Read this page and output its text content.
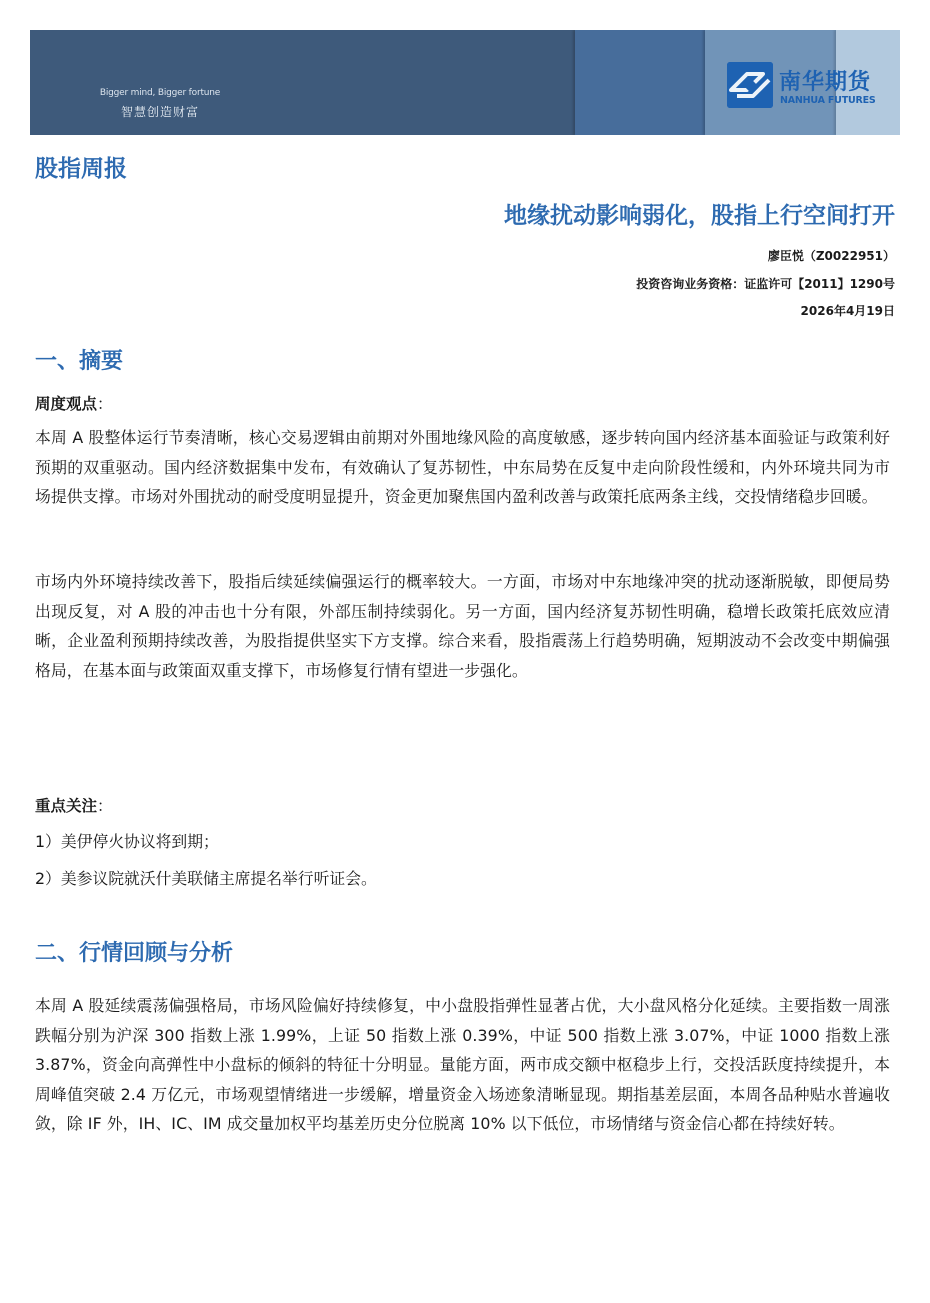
Bigger mind, Bigger fortune
智慧创造财富
南华期货
NANHUA FUTURES
股指周报
地缘扰动影响弱化，股指上行空间打开
廖臣悦（Z0022951）
投资咨询业务资格：证监许可【2011】1290号
2026年4月19日
一、摘要
周度观点：
本周 A 股整体运行节奏清晰，核心交易逻辑由前期对外围地缘风险的高度敏感，逐步转向国内经济基本面验证与政策利好预期的双重驱动。国内经济数据集中发布，有效确认了复苏韧性，中东局势在反复中走向阶段性缓和，内外环境共同为市场提供支撑。市场对外围扰动的耐受度明显提升，资金更加聚焦国内盈利改善与政策托底两条主线，交投情绪稳步回暖。
市场内外环境持续改善下，股指后续延续偏强运行的概率较大。一方面，市场对中东地缘冲突的扰动逐渐脱敏，即便局势出现反复，对 A 股的冲击也十分有限，外部压制持续弱化。另一方面，国内经济复苏韧性明确，稳增长政策托底效应清晰，企业盈利预期持续改善，为股指提供坚实下方支撑。综合来看，股指震荡上行趋势明确，短期波动不会改变中期偏强格局，在基本面与政策面双重支撑下，市场修复行情有望进一步强化。
重点关注：
1）美伊停火协议将到期；
2）美参议院就沃什美联储主席提名举行听证会。
二、行情回顾与分析
本周 A 股延续震荡偏强格局，市场风险偏好持续修复，中小盘股指弹性显著占优，大小盘风格分化延续。主要指数一周涨跌幅分别为沪深 300 指数上涨 1.99%，上证 50 指数上涨 0.39%，中证 500 指数上涨 3.07%，中证 1000 指数上涨 3.87%，资金向高弹性中小盘标的倾斜的特征十分明显。量能方面，两市成交额中枢稳步上行，交投活跃度持续提升，本周峰值突破 2.4 万亿元，市场观望情绪进一步缓解，增量资金入场迹象清晰显现。期指基差层面，本周各品种贴水普遍收敛，除 IF 外，IH、IC、IM 成交量加权平均基差历史分位脱离 10% 以下低位，市场情绪与资金信心都在持续好转。
